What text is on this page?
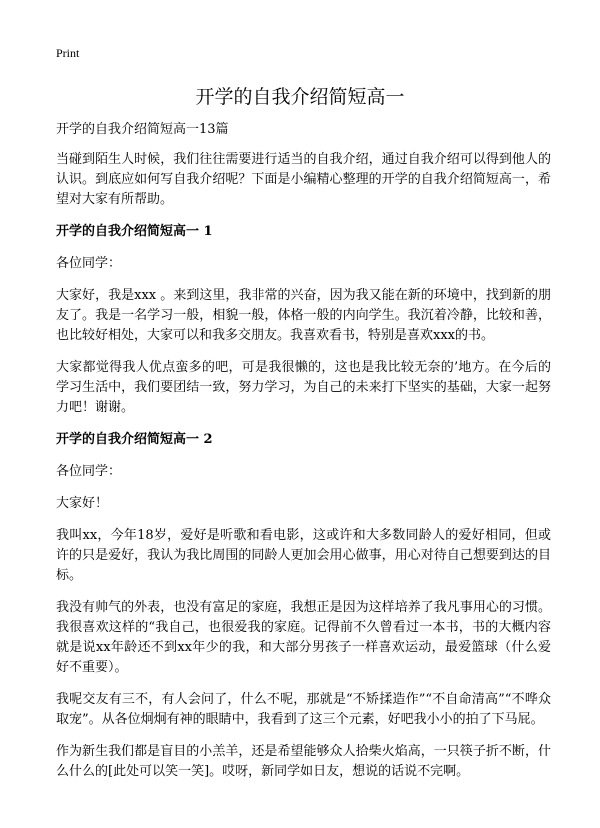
Print
开学的自我介绍简短高一

开学的自我介绍简短高一13篇

当碰到陌生人时候，我们往往需要进行适当的自我介绍，通过自我介绍可以得到他人的认识。到底应如何写自我介绍呢？下面是小编精心整理的开学的自我介绍简短高一，希望对大家有所帮助。

开学的自我介绍简短高一 1

各位同学：

大家好，我是xxx 。来到这里，我非常的兴奋，因为我又能在新的环境中，找到新的朋友了。我是一名学习一般，相貌一般，体格一般的内向学生。我沉着冷静，比较和善，也比较好相处，大家可以和我多交朋友。我喜欢看书，特别是喜欢xxx的书。

大家都觉得我人优点蛮多的吧，可是我很懒的，这也是我比较无奈的’地方。在今后的学习生活中，我们要团结一致，努力学习，为自己的未来打下坚实的基础，大家一起努力吧！谢谢。

开学的自我介绍简短高一 2

各位同学：

大家好！

我叫xx，今年18岁，爱好是听歌和看电影，这或许和大多数同龄人的爱好相同，但或许的只是爱好，我认为我比周围的同龄人更加会用心做事，用心对待自己想要到达的目标。

我没有帅气的外表，也没有富足的家庭，我想正是因为这样培养了我凡事用心的习惯。我很喜欢这样的“我自己，也很爱我的家庭。记得前不久曾看过一本书，书的大概内容就是说xx年龄还不到xx年少的我，和大部分男孩子一样喜欢运动，最爱篮球（什么爱好不重要）。

我呢交友有三不，有人会问了，什么不呢，那就是“不矫揉造作”“不自命清高”“不哗众取宠”。从各位炯炯有神的眼睛中，我看到了这三个元素，好吧我小小的拍了下马屁。

作为新生我们都是盲目的小羔羊，还是希望能够众人拾柴火焰高，一只筷子折不断，什么什么的[此处可以笑一笑]。哎呀，新同学如日友，想说的话说不完啊。
